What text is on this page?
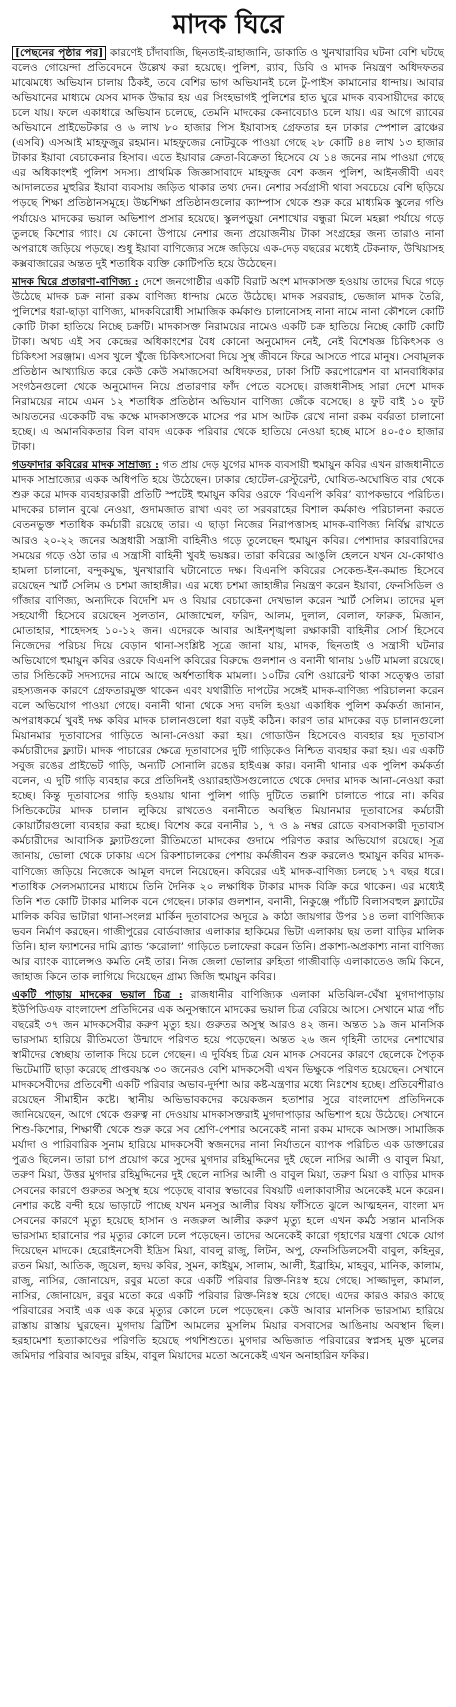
মাদক ঘিরে

[পেছনের পৃষ্ঠার পর] কারণেই চাঁদাবাজি, ছিনতাই-রাহাজানি, ডাকাতি ও খুনখারাবির ঘটনা বেশি ঘটছে বলেও গোয়েন্দা প্রতিবেদনে উল্লেখ করা হয়েছে। পুলিশ, র‌্যাব, ডিবি ও মাদক নিয়ন্ত্রণ অধিদফতর মাঝেমধ্যে অভিযান চালায় ঠিকই, তবে বেশির ভাগ অভিযানই চলে টু-পাইস কামানোর ধান্দায়। আবার অভিযানের মাধ্যমে যেসব মাদক উদ্ধার হয় এর সিংহভাগই পুলিশের হাত ঘুরে মাদক ব্যবসায়ীদের কাছে চলে যায়। ফলে একাধারে অভিযান চলেছে, তেমনি মাদকের কেনাবেচাও চলে যায়। এর আগে র‌্যাবের অভিযানে প্রাইভেটকার ও ৬ লাখ ৮০ হাজার পিস ইয়াবাসহ গ্রেফতার হন ঢাকার স্পেশাল ব্রাঞ্চের (এসবি) এসআই মাহফুজুর রহমান। মাহফুজের নোটবুকে পাওয়া গেছে ২৮ কোটি ৪৪ লাখ ১৩ হাজার টাকার ইয়াবা বেচাকেনার হিসাব। এতে ইয়াবার ক্রেতা-বিক্রেতা হিসেবে যে ১৪ জনের নাম পাওয়া গেছে এর অধিকাংশই পুলিশ সদস্য। প্রাথমিক জিজ্ঞাসাবাদে মাহফুজ বেশ কজন পুলিশ, আইনজীবী এবং আদালতের মুহুরির ইয়াবা ব্যবসায় জড়িত থাকার তথ্য দেন। নেশার সর্বগ্রাসী থাবা সবচেয়ে বেশি ছড়িয়ে পড়ছে শিক্ষা প্রতিষ্ঠানসমূহে। উচ্চশিক্ষা প্রতিষ্ঠানগুলোর ক্যাম্পাস থেকে শুরু করে মাধ্যমিক স্কুলের গণ্ডি পর্যায়েও মাদকের ভয়াল অভিশাপ প্রসার হয়েছে। স্কুলপড়ুয়া নেশাখোর বন্ধুরা মিলে মহল্লা পর্যায়ে গড়ে তুলছে কিশোর গ্যাং। যে কোনো উপায়ে নেশার জন্য প্রয়োজনীয় টাকা সংগ্রহের জন্য তারাও নানা অপরাধে জড়িয়ে পড়ছে। শুধু ইয়াবা বাণিজ্যের সঙ্গে জড়িয়ে এক-দেড় বছরের মধ্যেই টেকনাফ, উখিয়াসহ কক্সবাজারের অন্তত দুই শতাধিক ব্যক্তি কোটিপতি হয়ে উঠেছেন।

মাদক ঘিরে প্রতারণা-বাণিজ্য : দেশে জনগোষ্ঠীর একটি বিরাট অংশ মাদকাসক্ত হওয়ায় তাদের ঘিরে গড়ে উঠেছে মাদক চক্র নানা রকম বাণিজ্য ধান্দায় মেতে উঠেছে। মাদক সরবরাহ, ভেজাল মাদক তৈরি, পুলিশের ধরা-ছাড়া বাণিজ্য, মাদকবিরোধী সামাজিক কর্মকাণ্ড চালানোসহ নানা নামে নানা কৌশলে কোটি কোটি টাকা হাতিয়ে নিচ্ছে চক্রটি। মাদকাসক্ত নিরাময়ের নামেও একটি চক্র হাতিয়ে নিচ্ছে কোটি কোটি টাকা। অথচ এই সব কেন্দ্রের অধিকাংশের বৈধ কোনো অনুমোদন নেই, নেই বিশেষজ্ঞ চিকিৎসক ও চিকিৎসা সরঞ্জাম। এসব খুলে খুঁজে চিকিৎসাসেবা দিয়ে সুস্থ জীবনে ফিরে আসতে পারে মানুষ। সেবামূলক প্রতিষ্ঠান আখ্যায়িত করে কেউ কেউ সমাজসেবা অধিদফতর, ঢাকা সিটি করপোরেশন বা মানবাধিকার সংগঠনগুলো থেকে অনুমোদন নিয়ে প্রতারণার ফাঁদ পেতে বসেছে। রাজধানীসহ সারা দেশে মাদক নিরাময়ের নামে এমন ১২ শতাধিক প্রতিষ্ঠান অভিযান বাণিজ্য জেঁকে বসেছে। ৪ ফুট বাই ১০ ফুট আয়তনের একেকটি বদ্ধ কক্ষে মাদকাসক্তকে মাসের পর মাস আটক রেখে নানা রকম বর্বরতা চালানো হচ্ছে। এ অমানবিকতার বিল বাবদ একেক পরিবার থেকে হাতিয়ে নেওয়া হচ্ছে মাসে ৪০-৫০ হাজার টাকা।

গডফাদার কবিরের মাদক সাম্রাজ্য : গত প্রায় দেড় যুগের মাদক ব্যবসায়ী হুমায়ুন কবির এখন রাজধানীতে মাদক সাম্রাজ্যের একক অধিপতি হয়ে উঠেছেন। ঢাকার হোটেল-রেস্টুরেন্ট, ঘোষিত-অঘোষিত বার থেকে শুরু করে মাদক ব্যবহারকারী প্রতিটি স্পটেই হুমায়ুন কবির ওরফে ‘বিএনপি কবির’ ব্যাপকভাবে পরিচিত। মাদকের চালান বুঝে নেওয়া, গুদামজাত রাখা এবং তা সরবরাহের বিশাল কর্মকাণ্ড পরিচালনা করতে বেতনভুক্ত শতাধিক কর্মচারী রয়েছে তার। এ ছাড়া নিজের নিরাপত্তাসহ মাদক-বাণিজ্য নির্বিঘ্ন রাখতে আরও ২০-২২ জনের অস্ত্রধারী সন্ত্রাসী বাহিনীও গড়ে তুলেছেন হুমায়ুন কবির। পেশাদার কারবারিদের সময়ের গড়ে ওঠা তার এ সন্ত্রাসী বাহিনী খুবই ভয়ঙ্কর। তারা কবিরের আঙুলি হেলনে যখন যে-কোথাও হামলা চালানো, বন্দুকযুদ্ধ, খুনখারাবি ঘটানোতে দক্ষ। বিএনপি কবিরের সেকেন্ড-ইন-কমান্ড হিসেবে রয়েছেন স্মার্ট সেলিম ও চশমা জাহাঙ্গীর। এর মধ্যে চশমা জাহাঙ্গীর নিয়ন্ত্রণ করেন ইয়াবা, ফেনসিডিল ও গাঁজার বাণিজ্য, অন্যদিকে বিদেশি মদ ও বিয়ার বেচাকেনা দেখভাল করেন স্মার্ট সেলিম। তাদের মূল সহযোগী হিসেবে রয়েছেন সুলতান, মোজাম্মেল, ফরিদ, আলম, দুলাল, বেলাল, ফারুক, মিজান, মোতাহার, শাহেদসহ ১০-১২ জন। এদেরকে আবার আইনশৃঙ্খলা রক্ষাকারী বাহিনীর সোর্স হিসেবে নিজেদের পরিচয় দিয়ে বেড়ান থানা-সংশ্লিষ্ট সূত্রে জানা যায়, মাদক, ছিনতাই ও সন্ত্রাসী ঘটনার অভিযোগে হুমায়ুন কবির ওরফে বিএনপি কবিরের বিরুদ্ধে গুলশান ও বনানী থানায় ১৬টি মামলা রয়েছে। তার সিন্ডিকেট সদস্যদের নামে আছে অর্ধশতাধিক মামলা। ১০টির বেশি ওয়ারেন্ট থাকা সত্ত্বেও তারা রহস্যজনক কারণে গ্রেফতারমুক্ত থাকেন এবং যথারীতি দাপটের সঙ্গেই মাদক-বাণিজ্য পরিচালনা করেন বলে অভিযোগ পাওয়া গেছে। বনানী থানা থেকে সদ্য বদলি হওয়া একাধিক পুলিশ কর্মকর্তা জানান, অপরাধকর্মে খুবই দক্ষ কবির মাদক চালানগুলো ধরা বড়ই কঠিন। কারণ তার মাদকের বড় চালানগুলো মিয়ানমার দূতাবাসের গাড়িতে আনা-নেওয়া করা হয়। গোডাউন হিসেবেও ব্যবহার হয় দূতাবাস কর্মচারীদের ফ্ল্যাট। মাদক পাচারের ক্ষেত্রে দূতাবাসের দুটি গাড়িকেও নিশ্চিত ব্যবহার করা হয়। এর একটি সবুজ রঙের প্রাইভেট গাড়ি, অন্যটি সোনালি রঙের হাইএক্স কার। বনানী থানার এক পুলিশ কর্মকর্তা বলেন, এ দুটি গাড়ি ব্যবহার করে প্রতিদিনই ওয়্যারহাউসগুলোতে থেকে দেদার মাদক আনা-নেওয়া করা হচ্ছে। কিন্তু দূতাবাসের গাড়ি হওয়ায় থানা পুলিশ গাড়ি দুটিতে তল্লাশি চালাতে পারে না। কবির সিন্ডিকেটের মাদক চালান লুকিয়ে রাখতেও বনানীতে অবস্থিত মিয়ানমার দূতাবাসের কর্মচারী কোয়ার্টারগুলো ব্যবহার করা হচ্ছে। বিশেষ করে বনানীর ১, ৭ ও ৯ নম্বর রোডে বসবাসকারী দূতাবাস কর্মচারীদের আবাসিক ফ্ল্যাটগুলো রীতিমতো মাদকের গুদামে পরিণত করার অভিযোগ রয়েছে। সূত্র জানায়, ভোলা থেকে ঢাকায় এসে রিকশাচালকের পেশায় কর্মজীবন শুরু করলেও হুমায়ুন কবির মাদক-বাণিজ্যে জড়িয়ে নিজেকে আমূল বদলে নিয়েছেন। কবিরের এই মাদক-বাণিজ্য চলছে ১৭ বছর ধরে। শতাধিক সেলসম্যানের মাধ্যমে তিনি দৈনিক ২০ লক্ষাধিক টাকার মাদক বিক্রি করে থাকেন। এর মধ্যেই তিনি শত কোটি টাকার মালিক বনে গেছেন। ঢাকার গুলশান, বনানী, নিকুঞ্জে পাঁচটি বিলাসবহুল ফ্ল্যাটের মালিক কবির ভাটারা থানা-সংলগ্ন মার্কিন দূতাবাসের অদূরে ৯ কাঠা জায়গার উপর ১৪ তলা বাণিজ্যিক ভবন নির্মাণ করছেন। গাজীপুরের বোর্ডবাজার এলাকার হাকিমের ভিটা এলাকায় ছয় তলা বাড়ির মালিক তিনি। হাল ফ্যাশনের দামি ব্র্যান্ড ‘করোলা’ গাড়িতে চলাফেরা করেন তিনি। প্রকাশ্য-অপ্রকাশ্য নানা বাণিজ্য আর ব্যাংক ব্যালেন্সও কমতি নেই তার। নিজ জেলা ভোলার রুহিতা গাজীবাড়ি এলাকাতেও জমি কিনে, জাহাজ কিনে তাক লাগিয়ে দিয়েছেন গ্রাম্য জিজি হুমায়ুন কবির।

একটি পাড়ায় মাদকের ভয়াল চিত্র : রাজধানীর বাণিজ্যিক এলাকা মতিঝিল-ঘেঁষা মুগদাপাড়ায় ইউপিডিএফ বাংলাদেশ প্রতিদিনের এক অনুসন্ধানে মাদকের ভয়াল চিত্র বেরিয়ে আসে। সেখানে মাত্র পাঁচ বছরেই ৩৭ জন মাদকসেবীর করুণ মৃত্যু হয়। গুরুতর অসুস্থ আরও ৪২ জন। অন্তত ১৯ জন মানসিক ভারসাম্য হারিয়ে রীতিমতো উন্মাদে পরিণত হয়ে পড়েছেন। অন্তত ২৬ জন গৃহিনী তাদের নেশাখোর স্বামীদের স্বেচ্ছায় তালাক দিয়ে চলে গেছেন। এ দুর্বিষহ চিত্র যেন মাদক সেবনের কারণে ছেলেকে পৈতৃক ভিটেমাটি ছাড়া করেছে প্রাপ্তবয়স্ক ৩০ জনেরও বেশি মাদকসেবী এখন ভিক্ষুকে পরিণত হয়েছেন। সেখানে মাদকসেবীদের প্রতিবেশী একটি পরিবার অভাব-দুর্দশা আর কষ্ট-যন্ত্রণার মধ্যে নিঃশেষ হচ্ছে। প্রতিবেশীরাও রয়েছেন সীমাহীন কষ্টে। স্থানীয় অভিভাবকদের কয়েকজন হতাশার সুরে বাংলাদেশ প্রতিদিনকে জানিয়েছেন, আগে থেকে গুরুত্ব না দেওয়ায় মাদকাসক্তরাই মুগদাপাড়ার অভিশাপ হয়ে উঠেছে। সেখানে শিশু-কিশোর, শিক্ষার্থী থেকে শুরু করে সব শ্রেণি-পেশার অনেকেই নানা রকম মাদকে আসক্ত। সামাজিক মর্যাদা ও পারিবারিক সুনাম হারিয়ে মাদকসেবী স্বজনদের নানা নির্যাতনে ব্যাপক পরিচিত এক ডাক্তারের পুত্রও ছিলেন। তারা চাপ প্রয়োগ করে সুদের মুগদার রহিমুদ্দিনের দুই ছেলে নাসির আলী ও বাবুল মিয়া, তরুণ মিয়া, উত্তর মুগদার রহিমুদ্দিনের দুই ছেলে নাসির আলী ও বাবুল মিয়া, তরুণ মিয়া ও বাড়ির মাদক সেবনের কারণে গুরুতর অসুস্থ হয়ে পড়েছে বাবার স্বভাবের বিষয়টি এলাকাবাসীর অনেকেই মনে করেন। নেশার কষ্টে বন্দী হয়ে ভাড়াটে পাচ্ছে যখন মনসুর আলীর বিষয় ফাঁসিতে ঝুলে আত্মহনন, বাংলা মদ সেবনের কারণে মৃত্যু হয়েছে হাসান ও নজরুল আলীর করুণ মৃত্যু হলে এখন কর্মঠ সন্তান মানসিক ভারসাম্য হারানোর পর মৃত্যুর কোলে ঢলে পড়েছেন। তাদের অনেকেই কারো গৃহাণের যন্ত্রণা থেকে যোগ দিয়েছেন মাদকে। হেরোইনসেবী ইদ্রিস মিয়া, বাবলু রাজু, লিটন, অপু, ফেনসিডিলসেবী বাবুল, কহিনুর, রতন মিয়া, আতিক, জুয়েল, হৃদয় কবির, সুমন, কাইয়ুম, সালাম, আলী, ইব্রাহিম, মাহবুব, মানিক, কালাম, রাজু, নাসির, জোনায়েদ, রবুর মতো করে একটি পরিবার রিক্ত-নিঃস্ব হয়ে গেছে। সাজ্জাদুল, কামাল, নাসির, জোনায়েদ, রবুর মতো করে একটি পরিবার রিক্ত-নিঃস্ব হয়ে গেছে। এদের কারও কারও কাছে পরিবারের সবাই এক এক করে মৃত্যুর কোলে ঢলে পড়েছেন। কেউ আবার মানসিক ভারসাম্য হারিয়ে রাস্তায় রাস্তায় ঘুরছেন। মুগদায় ব্রিটিশ আমলের মুসলিম মিয়ার বসবাসের আঙিনায় অবস্থান ছিল। হরহামেশা হত্যাকাণ্ডের পরিণতি হয়েছে পথশিশুতে। মুগদার অভিজাত পরিবারের স্বপ্নসহ মুক্ত মুলের জমিদার পরিবার আবদুর রহিম, বাবুল মিয়াদের মতো অনেকেই এখন অনাহারিন ফকির।
